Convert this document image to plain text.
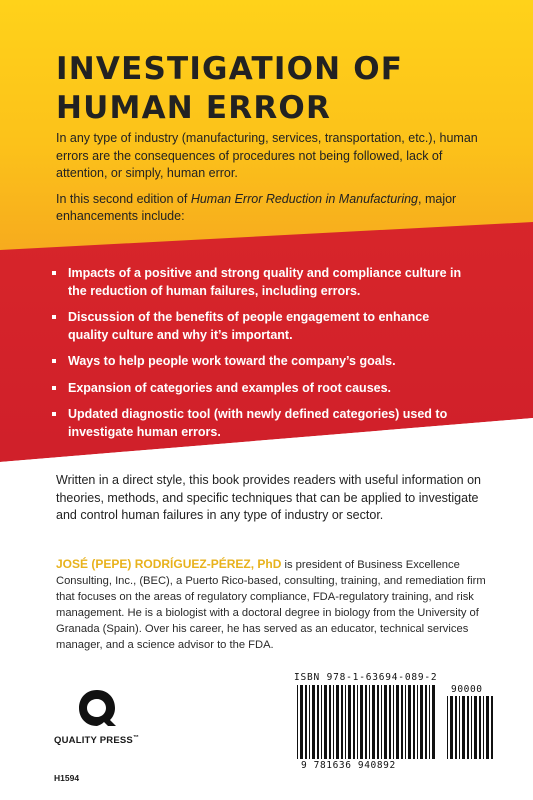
INVESTIGATION OF HUMAN ERROR

In any type of industry (manufacturing, services, transportation, etc.), human errors are the consequences of procedures not being followed, lack of attention, or simply, human error.

In this second edition of Human Error Reduction in Manufacturing, major enhancements include:

Impacts of a positive and strong quality and compliance culture in the reduction of human failures, including errors.
Discussion of the benefits of people engagement to enhance quality culture and why it’s important.
Ways to help people work toward the company’s goals.
Expansion of categories and examples of root causes.
Updated diagnostic tool (with newly defined categories) used to investigate human errors.
Written in a direct style, this book provides readers with useful information on theories, methods, and specific techniques that can be applied to investigate and control human failures in any type of industry or sector.
JOSÉ (PEPE) RODRÍGUEZ-PÉREZ, PhD is president of Business Excellence Consulting, Inc., (BEC), a Puerto Rico-based, consulting, training, and remediation firm that focuses on the areas of regulatory compliance, FDA-regulatory training, and risk management. He is a biologist with a doctoral degree in biology from the University of Granada (Spain). Over his career, he has served as an educator, technical services manager, and a science advisor to the FDA.
QUALITY PRESS™
H1594
ISBN 978-1-63694-089-2
90000
9 781636 940892
